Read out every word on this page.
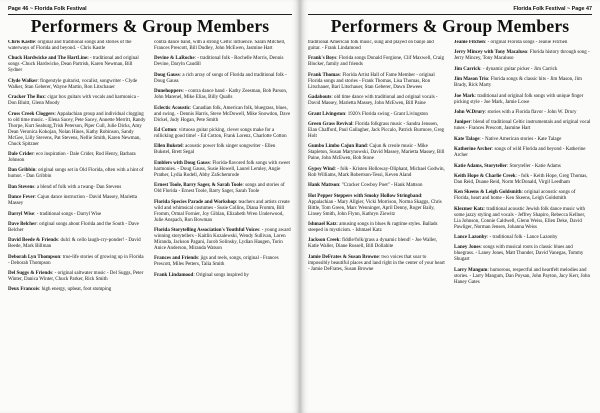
Page 46 ~ Florida Folk Festival
Performers & Group Members

Chris Kastle: original and traditional songs and stories of the waterways of Florida and beyond. - Chris Kastle

Chuck Hardwicke and The HartLine: - traditional and original songs -Chuck Hardwicke, Dean Partrish, Karen Newman, Bill Sydner

Clyde Walker: fingerstyle guitarist, vocalist, songwriter - Clyde Walker, Stan Geberer, Wayne Martin, Ron Litschauer

Cracker The Box: cigar box guitars with vocals and harmonica - Don Bluitt, Glenn Moody

Cross Creek Cloggers: Appalachian group and individual clogging to old time music. - Elena Sacey, Pete Sacey, Annette Merritt, Randy Thorpe, Kurt Seaburg,Trish Peterson, Piper Cull, Julie Dicks, Amy Dean Veronica Kokojan, Nolan Hines, Kathy Robinson, Sandy McGee, Lilly Stevens, Pat Stevens, Nellie Smith, Karen Newman, Chuck Spitzner

Dale Crider: eco inspiration - Dale Crider, Rod Henry, Barbara Johnson

Dan Gribbin: original songs set in Old Florida, often with a hint of humor. - Dan Gribbin

Dan Stevens: a blend of folk with a twang- Dan Stevens

Dance Fever: Cajun dance instruction - David Massey, Marietta Massey

Darryl Wise: - traditional songs - Darryl Wise

Dave Belcher: original songs about Florida and the South - Dave Belcher

David Beede & Friends: dulci & cello laugh-cry-ponder! - David Beede, Mark Billman

Deborah Lyn Thompson: true-life stories of growing up in Florida - Deborah Thompson

Del Suggs & Friends: - original saltwater music - Del Suggs, Peter Winter, Danica Winter, Chuck Parker, Rick Smith

Deux Francois: high energy, upbeat, foot stomping

contra dance band, with a strong Celtic influence. Sarah Mitchell, Frances Prescott, Bill Dudley, John McEwen, Jasmine Hart

Devine & LaRoche: - traditional folk - Rochelle Morris, Dennis Devine, Daryln Caudill

Doug Gauss: a rich array of songs of Florida and traditional folk - Doug Gauss

Dunehoppers: - contra dance band - Kathy Zeesman, Bob Parson, John Marenel, Mike Elias, Billy Qualls

Eclectic Acoustic: Canadian folk, American folk, bluegrass, blues, and swing. - Dennis Harris, Steve McDowell, Mike Snowdon, Dave Dickel, Judy Hogan, Pete Smith

Ed Cotton: virtuoso guitar picking, clever songs make for a rollicking good time! - Ed Cotton, Frank Lorenz, Charlotte Cotton

Ellen Bukstel: acoustic power folk singer songwriter - Ellen Bukstel, Brett Segal

Emblers with Doug Gauss: Florida-flavored folk songs with sweet harmonies. - Doug Gauss, Susie Howell, Laurel Lemley, Angie Prather, Lydia Rodell, Abby ZaSchemrode

Ernest Toole, Barry Sager, & Sarah Toole: songs and stories of Old Florida - Ernest Toole, Barry Sager, Sarah Toole

Florida Species Parade and Workshop: teachers and artists create wild and whimsical costumes - Susie Collins, Diana Fromm, Bill Fromm, Ormal Fornier, Joy Giblan, Elizabeth Wren Underwood, Julie Anspach, Ron Bowman

Florida Storytelling Association's Youthful Voices: - young award winning storytellers - Kaitlin Kozalewski, Wendy Sullivan, Loren Miranda, Jackson Pagani, Jacob Solinsky, Lydian Haugen, Torin Anice Anderson, Miranda Watson

Frances and Friends: jigs and reels, songs, original - Frances Prescott, Miles Petters, Talia Smith

Frank Lindamood: Original songs inspired by

Florida Folk Festival ~ Page 47
Performers & Group Members

traditional American folk music, sung and played on banjo and guitar. - Frank Lindamood

Frank's Boys: Florida songs Donald Forgione, Clif Maxwell, Craig Blocker, family and friends

Frank Thomas: Florida Artist Hall of Fame Member - original Florida songs and stories - Frank Thomas, Lisa Thomas, Ron Litschauer, Bari Litschauer, Stan Geberer, Dawn Dewees

Gadabouts: old time dance with traditional and original vocals - David Massey, Marietta Massey, John McEwen, Bill Paine

Grant Livingston: 1920's Florida swing - Grant Livingston

Green Grass Revival: Florida folkgrass music - Sandra Jenssen, Elan Chafford, Paul Gallagher, Jack Piccalo, Patrick Burmore, Greg Holt

Gumbo Limbo Cajun Band: Cajun & creole music - Mike Stapleton, Susan Marynowski, David Massey, Marietta Massey, Bill Paine, John McEwen, Bob Stone

Gypsy Wind: - folk - Kristen Holloway-Oliphant, Michael Godwin, Rob Williams, Mark Robertson-Tessi, Keven Aland

Hank Mattson: "Cracker Cowboy Poet" - Hank Mattson

Hot Pepper Steppers with Smoky Hollow Stringband: Appalachian - Mary Allgier, Vicki Morrison, Norma Skaggs, Chris Bittle, Tom Green, Marc Wenninger, April Denny, Roger Baily, Linsey Smith, John Flynn, Kathryn Ziewitz

Ishmael Katz: amusing songs in blues & ragtime styles. Ballads steeped in mysticism. - Ishmael Katz

Jackson Creek: fiddle/folk/grass a dynamic blend! - Joe Waller, Katie Waller, Diane Russell, Bill Dollahite

Jamie DeFrates & Susan Browne: two voices that soar to impossibly beautiful places and land right in the center of your heart - Jamie DeFrates, Susan Browne

Jeanie Fitchen: - original Florida songs - Jeanie Fitchen

Jerry Mincey with Tony Macaluso: Florida history through song - Jerry Mincey, Tony Macaluso

Jim Carrick: - dynamic guitar picker - Jim Carrick

Jim Mason Trio: Florida songs & classic hits - Jim Mason, Jim Brady, Rick Marty

Joe Mark: traditional and original folk songs with unique finger picking style - Joe Mark, Jamie Lowe

John W.Drury: stories with a Florida flavor - John W. Drury

Juniper: blend of traditional Celtic instrumentals and original vocal tunes - Frances Prescott, Jasmine Hart

Kate Talage: - Native American stories - Kate Talage

Katherine Archer: songs of wild Florida and beyond - Katherine Archer

Katie Adams, Storyteller: Storyteller - Katie Adams

Keith Hope & Charlie Creek: - folk - Keith Hope, Greg Thomas, Dan Reid, Duane Reid, Norm McDonald, Virgil Leedham

Ken Skeens & Leigh Goldsmith: original acoustic songs of Florida, heart and home - Ken Skeens, Leigh Goldsmith

Klezmer Katz: traditional acoustic Jewish folk dance music with some jazzy styling and vocals - Jeffrey Shapiro, Rebecca Kellner, Lia Johnson, Connie Caldwell, Glenn Weiss, Ellen Deke, David Pawliger, Norman Jensen, Johanna Weiss

Lance Lazonby: - traditional folk - Lance Lazonby

Laney Jones: songs with musical roots in classic blues and bluegrass. - Laney Jones, Matt Thunder, David Vanegas, Tommy Shugart

Larry Mangum: humorous, respectful and heartfelt melodies and stories. - Larry Mangum, Dan Poysan, John Payton, Jacy Kerr, John Haney Gates
